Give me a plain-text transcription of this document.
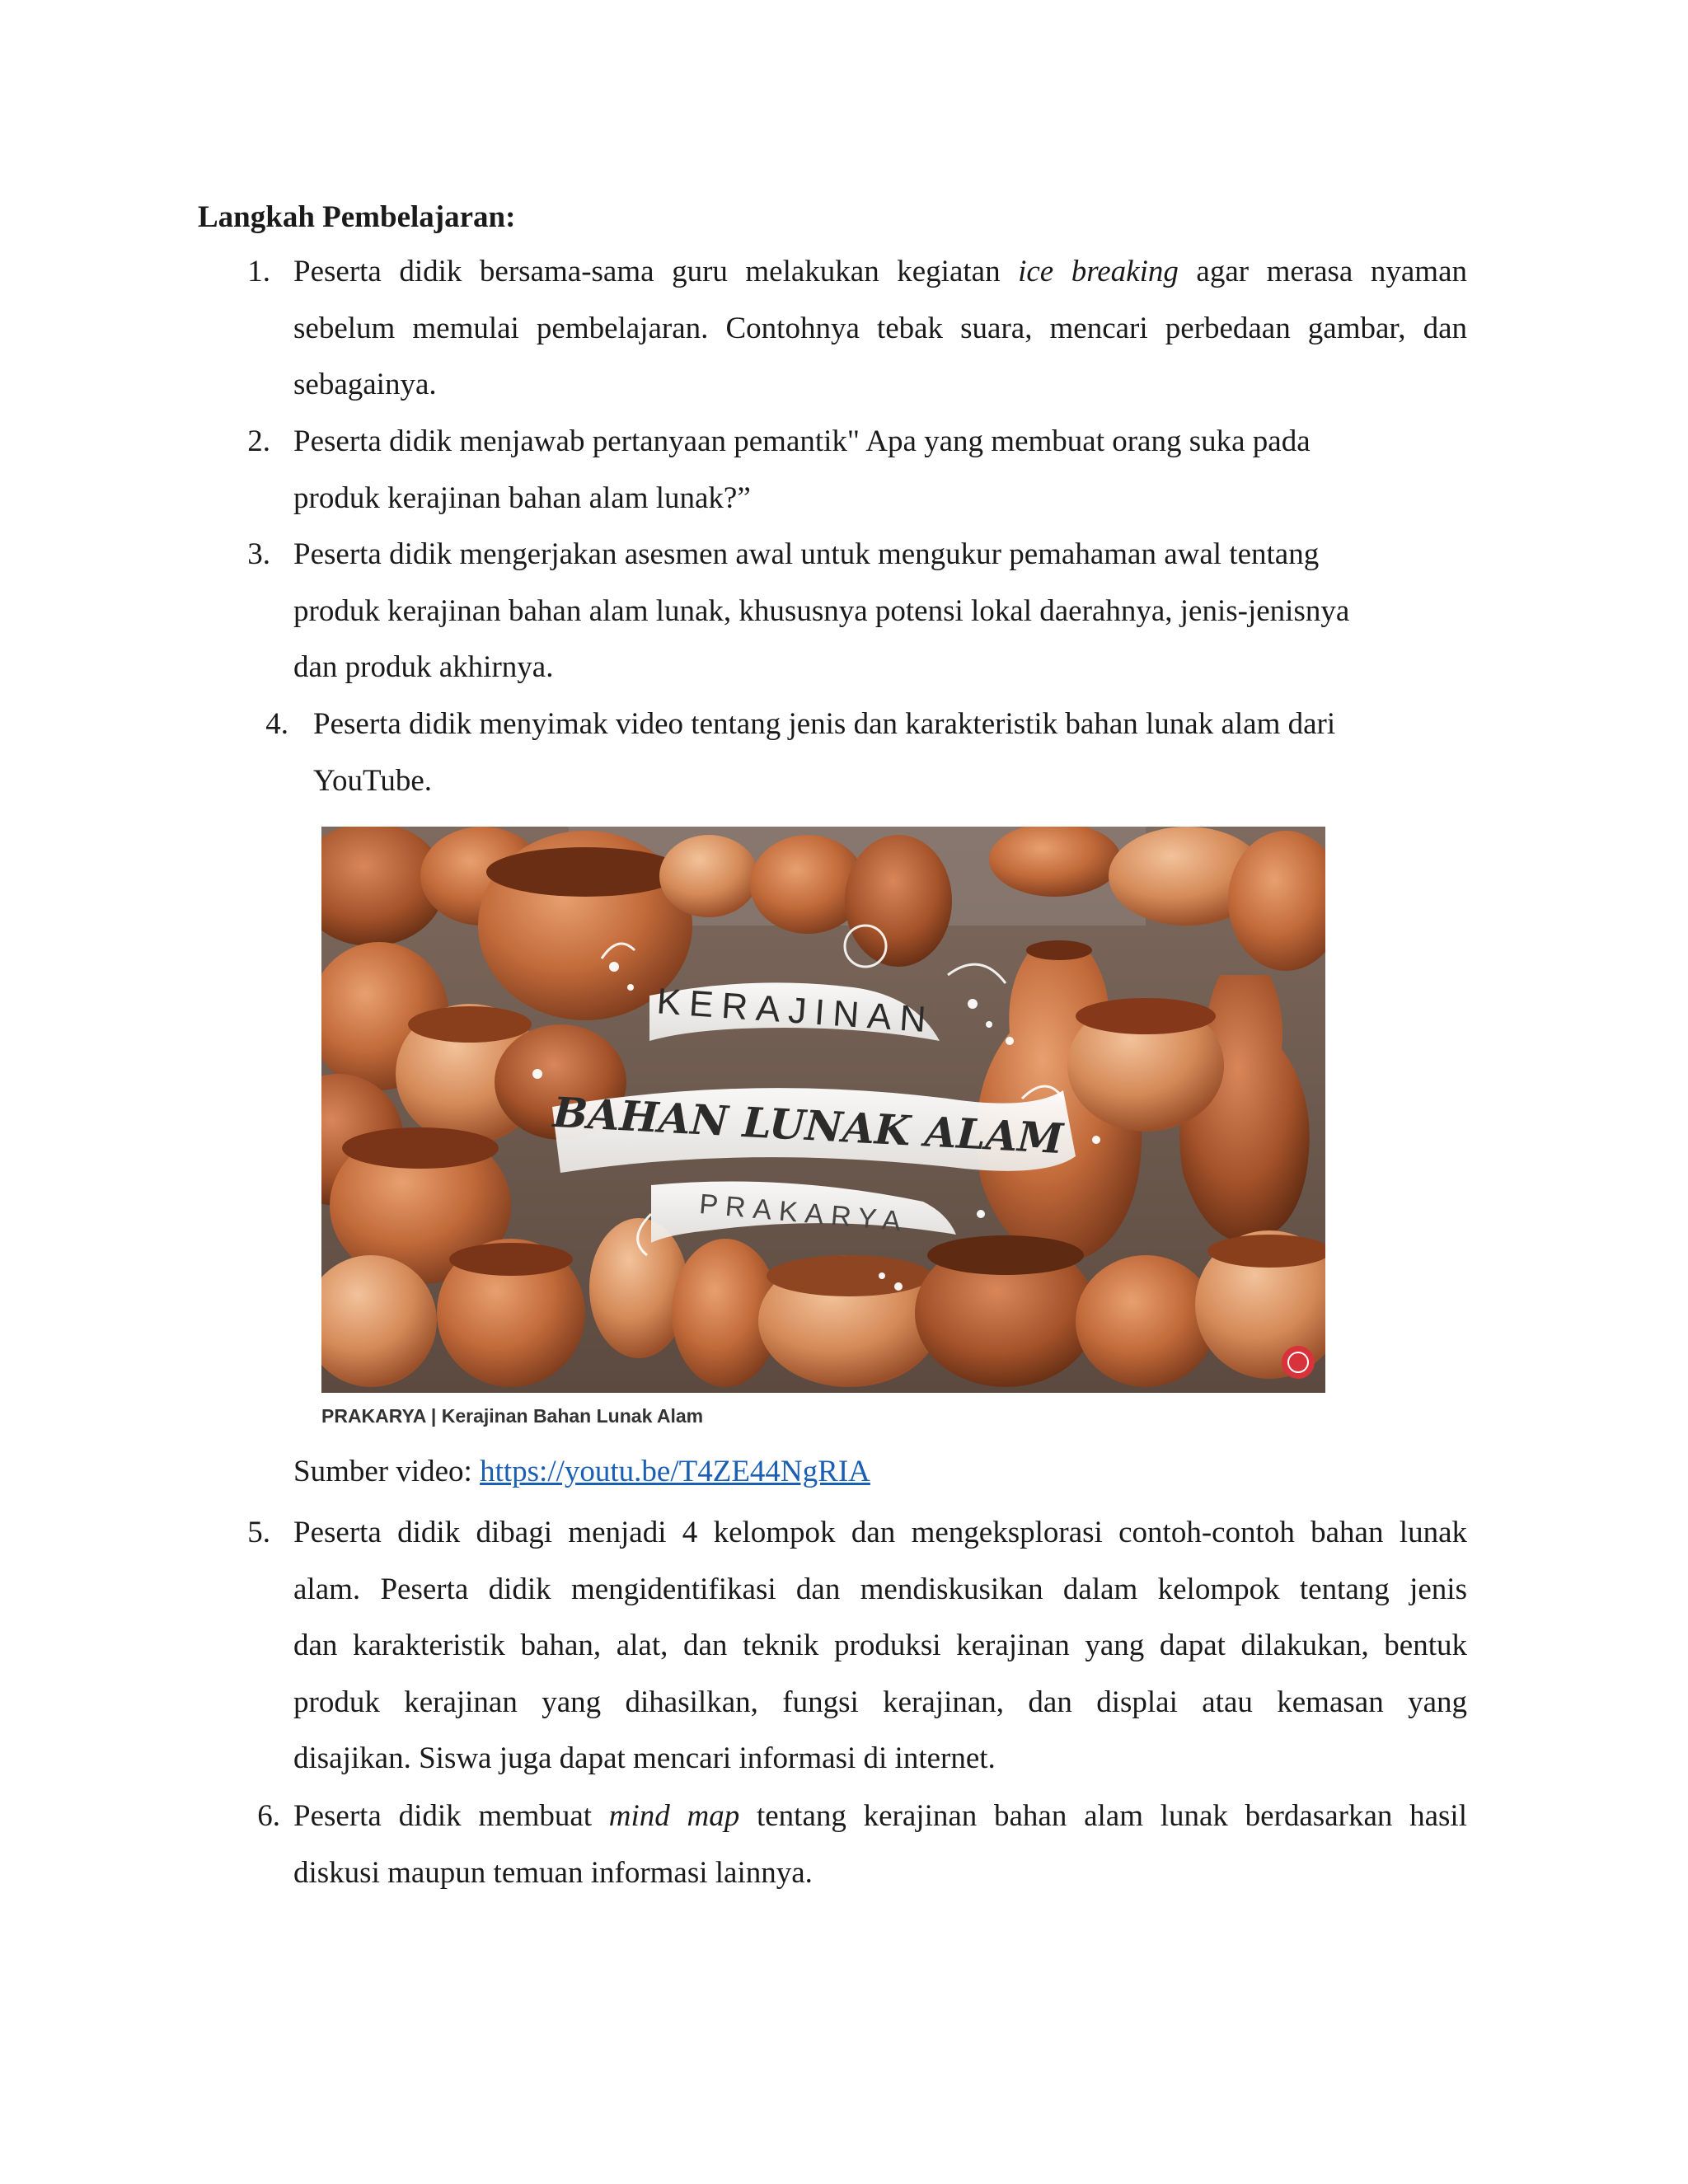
Langkah Pembelajaran:
1. Peserta didik bersama-sama guru melakukan kegiatan ice breaking agar merasa nyaman
sebelum memulai pembelajaran. Contohnya tebak suara, mencari perbedaan gambar, dan
sebagainya.
2. Peserta didik menjawab pertanyaan pemantik" Apa yang membuat orang suka pada
produk kerajinan bahan alam lunak?”
3. Peserta didik mengerjakan asesmen awal untuk mengukur pemahaman awal tentang
produk kerajinan bahan alam lunak, khususnya potensi lokal daerahnya, jenis-jenisnya
dan produk akhirnya.
4. Peserta didik menyimak video tentang jenis dan karakteristik bahan lunak alam dari
YouTube.
KERAJINAN
BAHAN LUNAK ALAM
PRAKARYA
PRAKARYA | Kerajinan Bahan Lunak Alam
Sumber video: https://youtu.be/T4ZE44NgRIA
5. Peserta didik dibagi menjadi 4 kelompok dan mengeksplorasi contoh-contoh bahan lunak
alam. Peserta didik mengidentifikasi dan mendiskusikan dalam kelompok tentang jenis
dan karakteristik bahan, alat, dan teknik produksi kerajinan yang dapat dilakukan, bentuk
produk kerajinan yang dihasilkan, fungsi kerajinan, dan displai atau kemasan yang
disajikan. Siswa juga dapat mencari informasi di internet.
6. Peserta didik membuat mind map tentang kerajinan bahan alam lunak berdasarkan hasil
diskusi maupun temuan informasi lainnya.
